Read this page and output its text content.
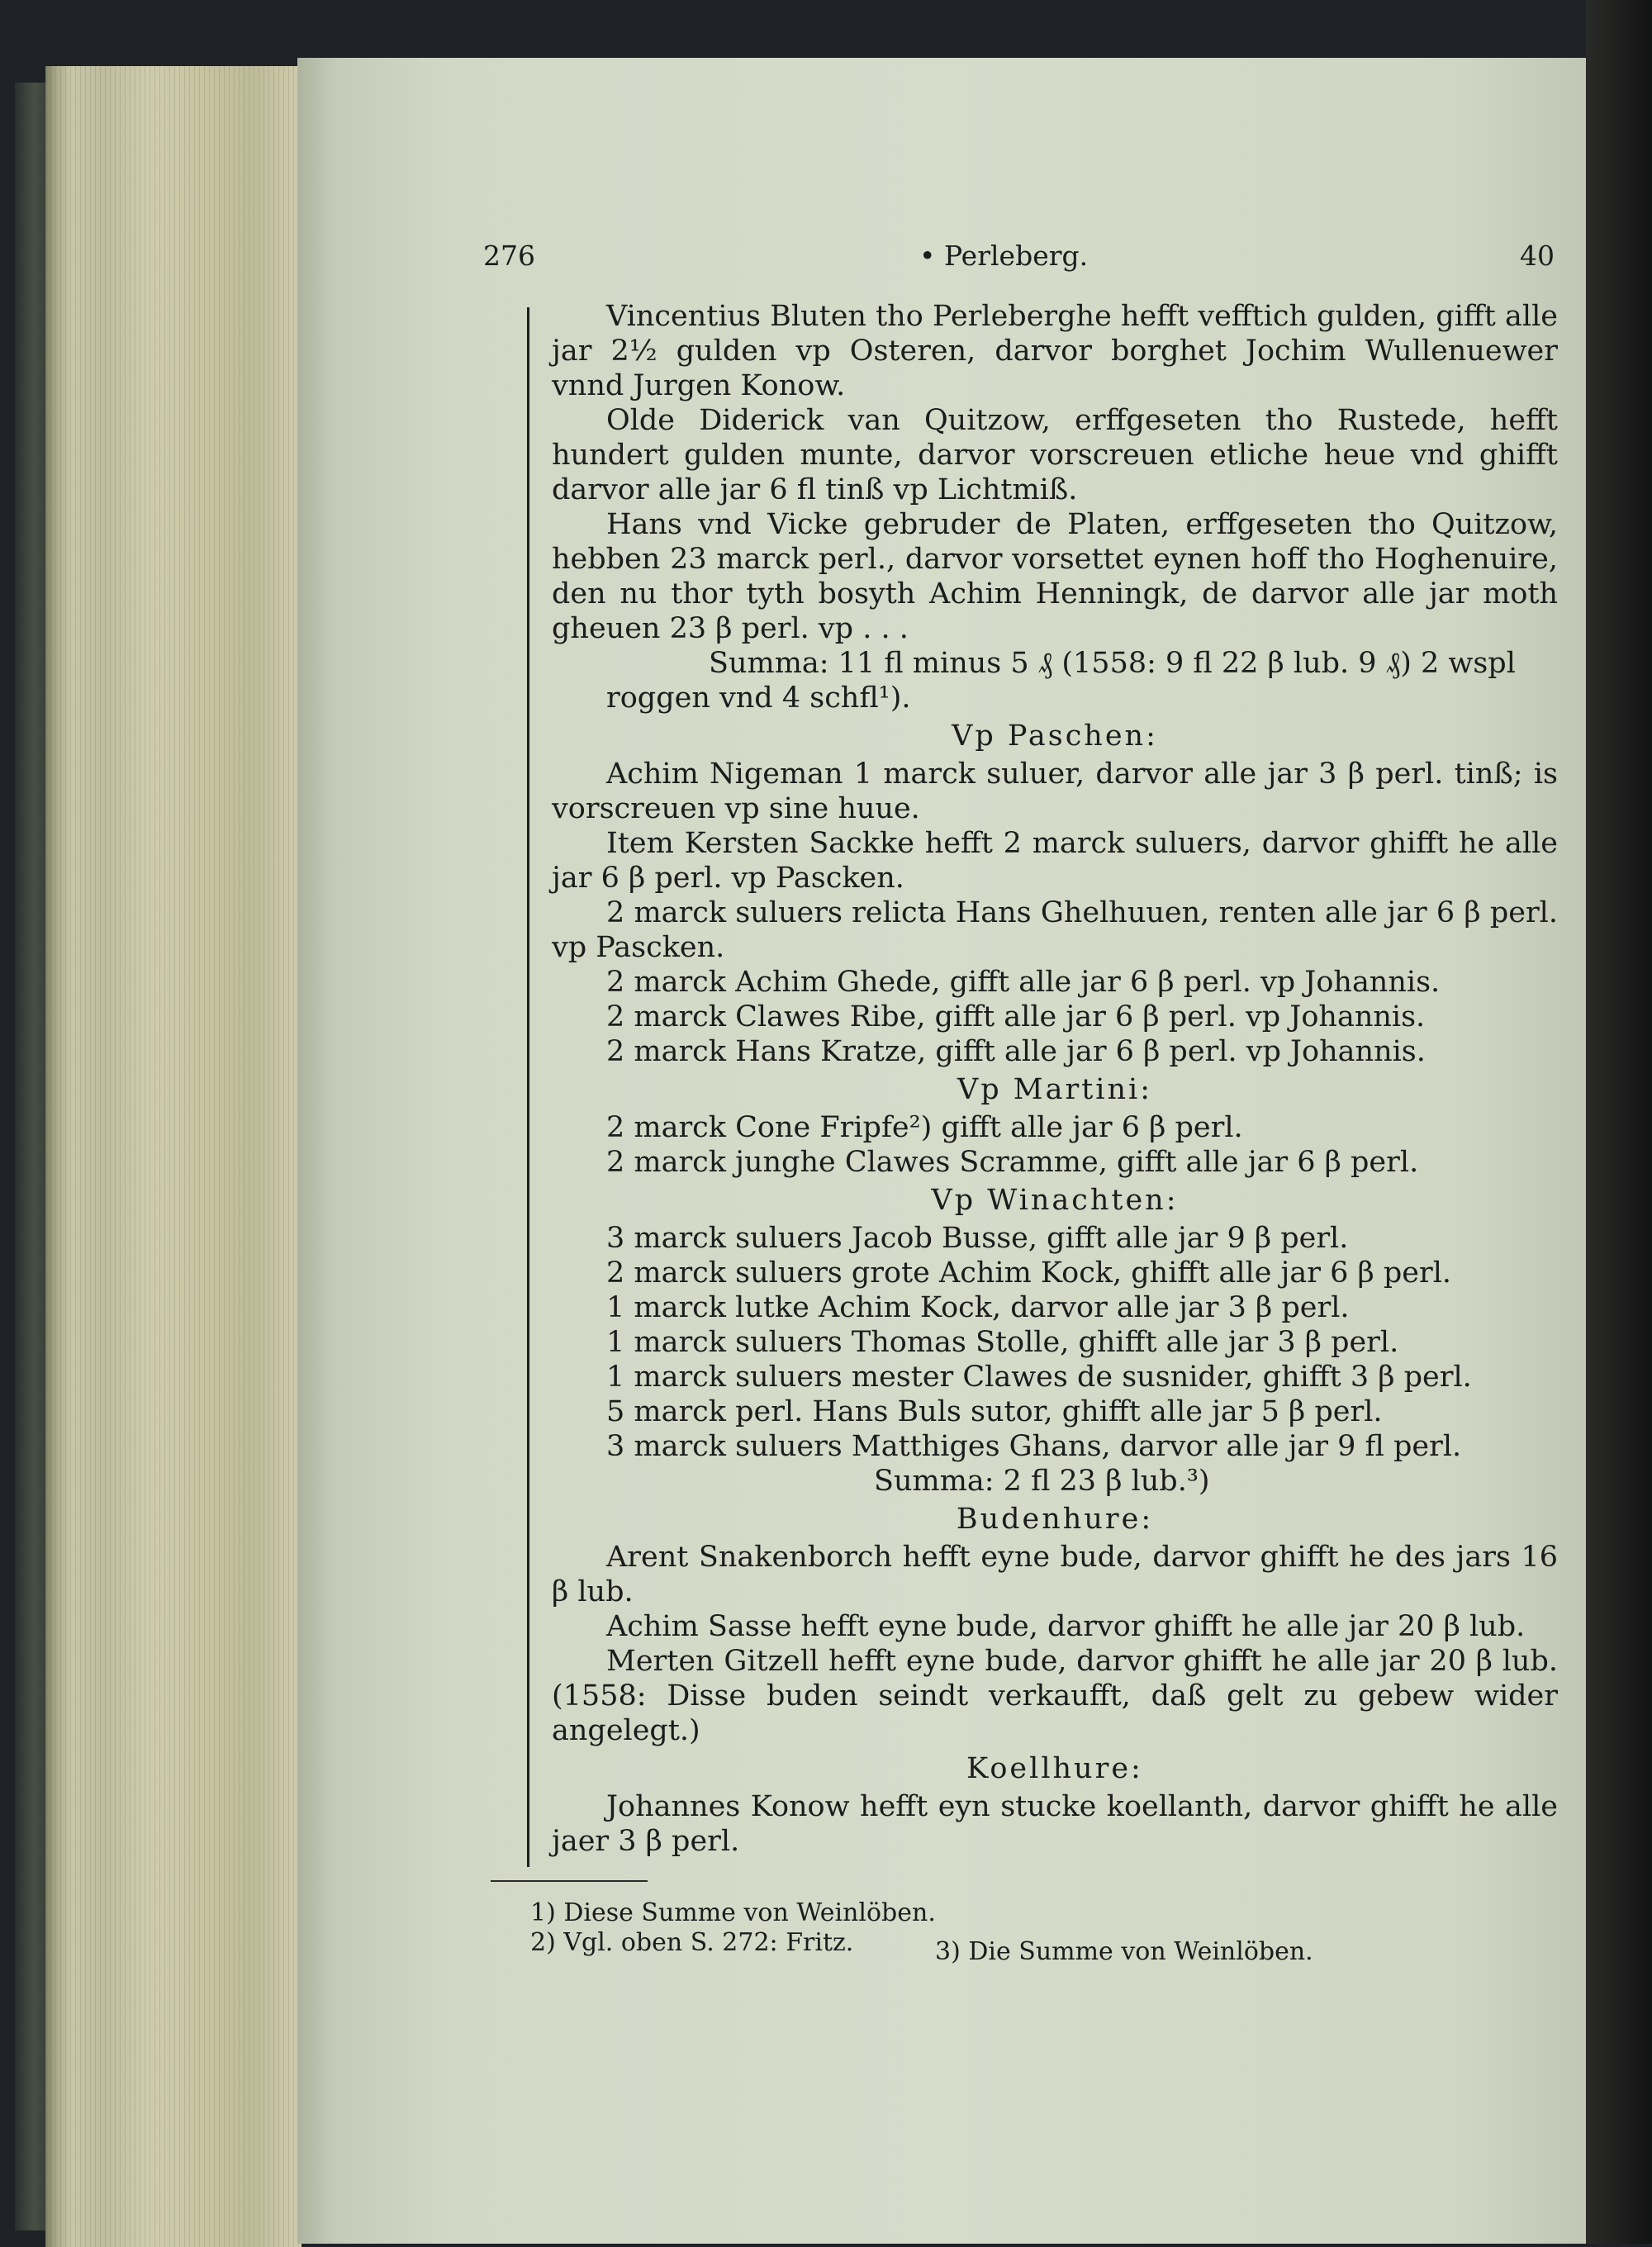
276	• Perleberg.	40

Vincentius Bluten tho Perleberghe hefft vefftich gulden, gifft alle jar 2½ gulden vp Osteren, darvor borghet Jochim Wullenuewer vnnd Jurgen Konow.

Olde Diderick van Quitzow, erffgeseten tho Rustede, hefft hundert gulden munte, darvor vorscreuen etliche heue vnd ghifft darvor alle jar 6 fl tinß vp Lichtmiß.

Hans vnd Vicke gebruder de Platen, erffgeseten tho Quitzow, hebben 23 marck perl., darvor vorsettet eynen hoff tho Hoghenuire, den nu thor tyth bosyth Achim Henningk, de darvor alle jar moth gheuen 23 β perl. vp . . .

Summa: 11 fl minus 5 ₰ (1558: 9 fl 22 β lub. 9 ₰) 2 wspl

roggen vnd 4 schfl¹).

Vp Paschen:

Achim Nigeman 1 marck suluer, darvor alle jar 3 β perl. tinß; is vorscreuen vp sine huue.

Item Kersten Sackke hefft 2 marck suluers, darvor ghifft he alle jar 6 β perl. vp Pascken.

2 marck suluers relicta Hans Ghelhuuen, renten alle jar 6 β perl. vp Pascken.

2 marck Achim Ghede, gifft alle jar 6 β perl. vp Johannis.

2 marck Clawes Ribe, gifft alle jar 6 β perl. vp Johannis.

2 marck Hans Kratze, gifft alle jar 6 β perl. vp Johannis.

Vp Martini:

2 marck Cone Fripfe²) gifft alle jar 6 β perl.

2 marck junghe Clawes Scramme, gifft alle jar 6 β perl.

Vp Winachten:

3 marck suluers Jacob Busse, gifft alle jar 9 β perl.

2 marck suluers grote Achim Kock, ghifft alle jar 6 β perl.

1 marck lutke Achim Kock, darvor alle jar 3 β perl.

1 marck suluers Thomas Stolle, ghifft alle jar 3 β perl.

1 marck suluers mester Clawes de susnider, ghifft 3 β perl.

5 marck perl. Hans Buls sutor, ghifft alle jar 5 β perl.

3 marck suluers Matthiges Ghans, darvor alle jar 9 fl perl.

Summa: 2 fl 23 β lub.³)

Budenhure:

Arent Snakenborch hefft eyne bude, darvor ghifft he des jars 16 β lub.

Achim Sasse hefft eyne bude, darvor ghifft he alle jar 20 β lub.

Merten Gitzell hefft eyne bude, darvor ghifft he alle jar 20 β lub. (1558: Disse buden seindt verkaufft, daß gelt zu gebew wider angelegt.)

Koellhure:

Johannes Konow hefft eyn stucke koellanth, darvor ghifft he alle jaer 3 β perl.

1) Diese Summe von Weinlöben.
2) Vgl. oben S. 272: Fritz.	3) Die Summe von Weinlöben.
